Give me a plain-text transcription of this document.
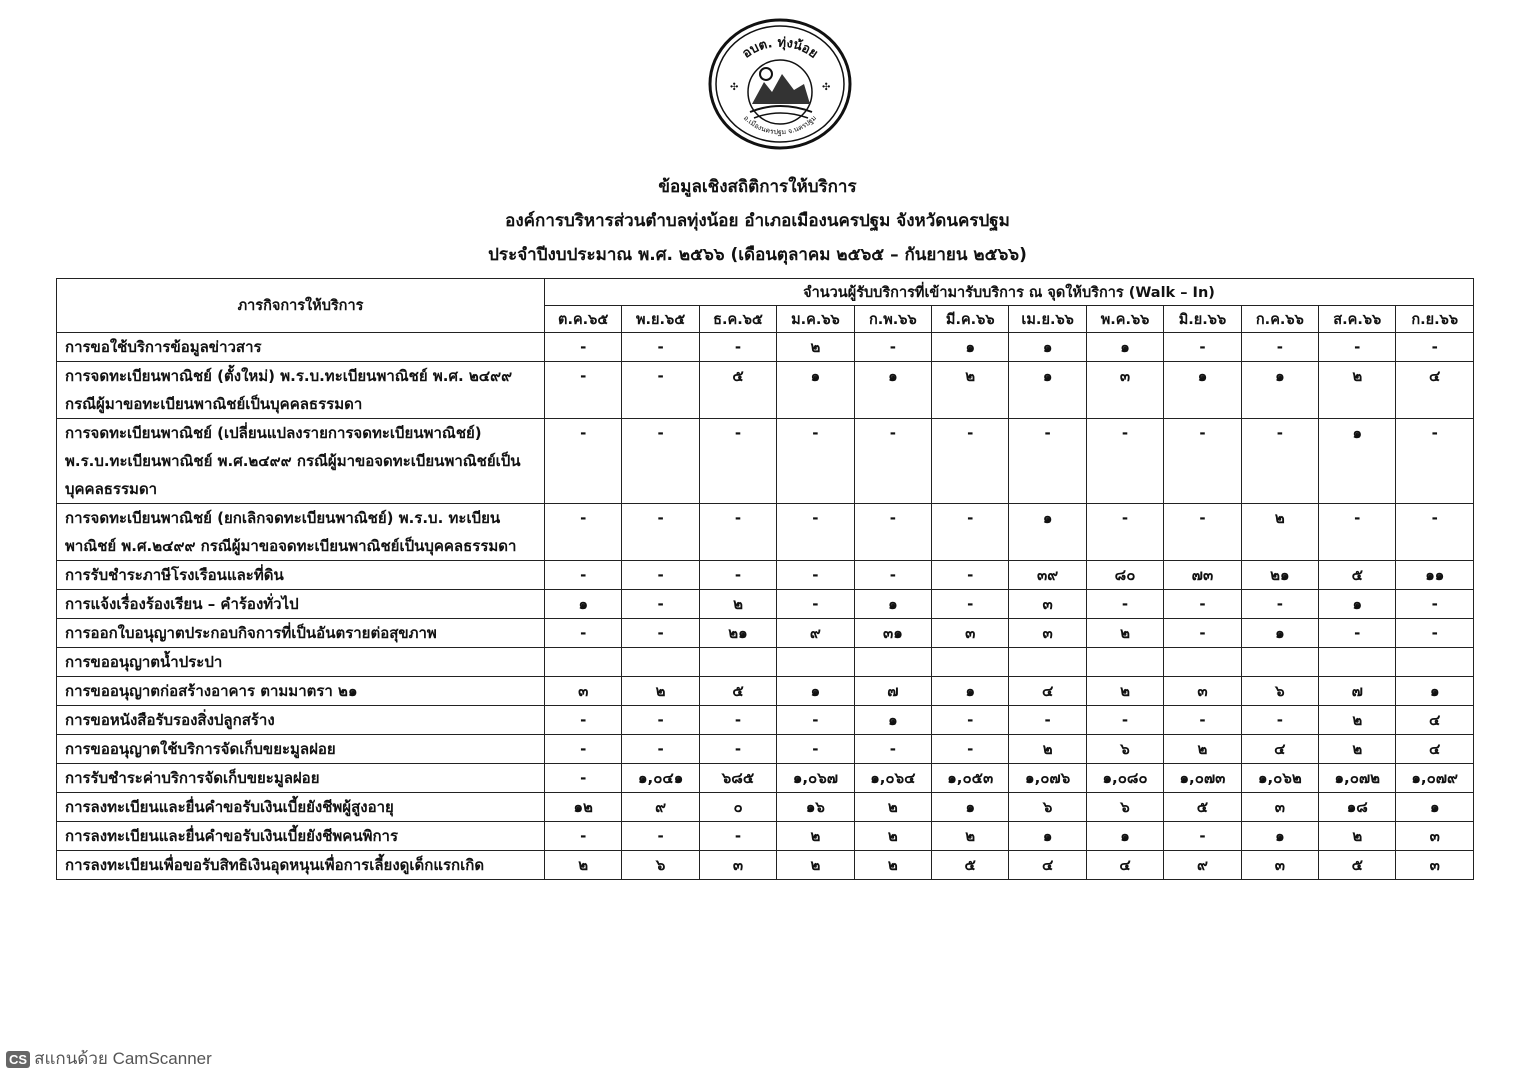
อบต. ทุ่งน้อย
อ.เมืองนครปฐม จ.นครปฐม
✣	✣
ข้อมูลเชิงสถิติการให้บริการ
องค์การบริหารส่วนตำบลทุ่งน้อย อำเภอเมืองนครปฐม จังหวัดนครปฐม
ประจำปีงบประมาณ พ.ศ. ๒๕๖๖ (เดือนตุลาคม ๒๕๖๕ – กันยายน ๒๕๖๖)
ภารกิจการให้บริการ	จำนวนผู้รับบริการที่เข้ามารับบริการ ณ จุดให้บริการ (Walk – In)											
	ต.ค.๖๕	พ.ย.๖๕	ธ.ค.๖๕	ม.ค.๖๖	ก.พ.๖๖	มี.ค.๖๖	เม.ย.๖๖	พ.ค.๖๖	มิ.ย.๖๖	ก.ค.๖๖	ส.ค.๖๖	ก.ย.๖๖
การขอใช้บริการข้อมูลข่าวสาร	-	-	-	๒	-	๑	๑	๑	-	-	-	-
การจดทะเบียนพาณิชย์ (ตั้งใหม่) พ.ร.บ.ทะเบียนพาณิชย์ พ.ศ. ๒๔๙๙ กรณีผู้มาขอทะเบียนพาณิชย์เป็นบุคคลธรรมดา	-	-	๕	๑	๑	๒	๑	๓	๑	๑	๒	๔
การจดทะเบียนพาณิชย์ (เปลี่ยนแปลงรายการจดทะเบียนพาณิชย์) พ.ร.บ.ทะเบียนพาณิชย์ พ.ศ.๒๔๙๙ กรณีผู้มาขอจดทะเบียนพาณิชย์เป็นบุคคลธรรมดา	-	-	-	-	-	-	-	-	-	-	๑	-
การจดทะเบียนพาณิชย์ (ยกเลิกจดทะเบียนพาณิชย์) พ.ร.บ. ทะเบียนพาณิชย์ พ.ศ.๒๔๙๙ กรณีผู้มาขอจดทะเบียนพาณิชย์เป็นบุคคลธรรมดา	-	-	-	-	-	-	๑	-	-	๒	-	-
การรับชำระภาษีโรงเรือนและที่ดิน	-	-	-	-	-	-	๓๙	๘๐	๗๓	๒๑	๕	๑๑
การแจ้งเรื่องร้องเรียน – คำร้องทั่วไป	๑	-	๒	-	๑	-	๓	-	-	-	๑	-
การออกใบอนุญาตประกอบกิจการที่เป็นอันตรายต่อสุขภาพ	-	-	๒๑	๙	๓๑	๓	๓	๒	-	๑	-	-
การขออนุญาตน้ำประปา												
การขออนุญาตก่อสร้างอาคาร ตามมาตรา ๒๑	๓	๒	๕	๑	๗	๑	๔	๒	๓	๖	๗	๑
การขอหนังสือรับรองสิ่งปลูกสร้าง	-	-	-	-	๑	-	-	-	-	-	๒	๔
การขออนุญาตใช้บริการจัดเก็บขยะมูลฝอย	-	-	-	-	-	-	๒	๖	๒	๔	๒	๔
การรับชำระค่าบริการจัดเก็บขยะมูลฝอย	-	๑,๐๔๑	๖๘๕	๑,๐๖๗	๑,๐๖๔	๑,๐๕๓	๑,๐๗๖	๑,๐๘๐	๑,๐๗๓	๑,๐๖๒	๑,๐๗๒	๑,๐๗๙
การลงทะเบียนและยื่นคำขอรับเงินเบี้ยยังชีพผู้สูงอายุ	๑๒	๙	๐	๑๖	๒	๑	๖	๖	๕	๓	๑๘	๑
การลงทะเบียนและยื่นคำขอรับเงินเบี้ยยังชีพคนพิการ	-	-	-	๒	๒	๒	๑	๑	-	๑	๒	๓
การลงทะเบียนเพื่อขอรับสิทธิเงินอุดหนุนเพื่อการเลี้ยงดูเด็กแรกเกิด	๒	๖	๓	๒	๒	๕	๔	๔	๙	๓	๕	๓
CS สแกนด้วย CamScanner
